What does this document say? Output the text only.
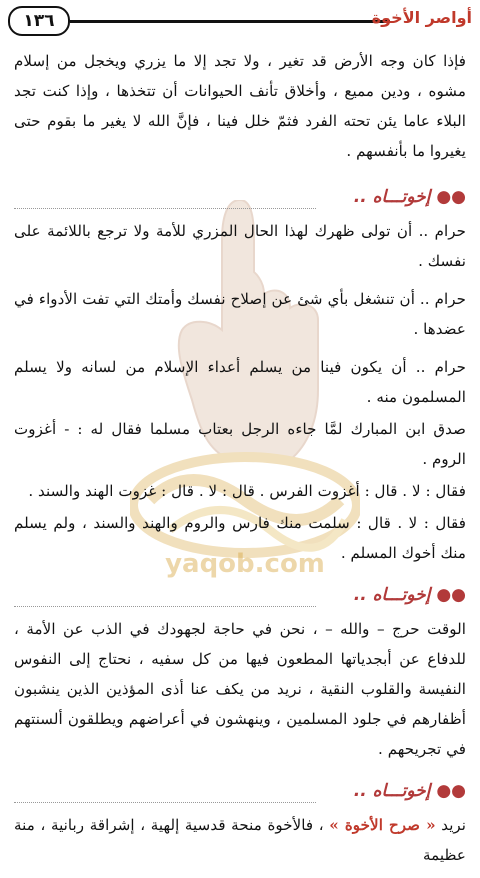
١٣٦	أواصر الأخوة
yaqob.com

فإذا كان وجه الأرض قد تغير ، ولا تجد إلا ما يزري ويخجل من إسلام مشوه ، ودين مميع ، وأخلاق تأنف الحيوانات أن تتخذها ، وإذا كنت تجد البلاء عاما يئن تحته الفرد فثمّ خلل فينا ، فإنَّ الله لا يغير ما بقوم حتى يغيروا ما بأنفسهم .

●● إخوتـــاه ..

حرام .. أن تولى ظهرك لهذا الحال المزري للأمة ولا ترجع باللائمة على نفسك .

حرام .. أن تنشغل بأي شئ عن إصلاح نفسك وأمتك التي تفت الأدواء في عضدها .

حرام .. أن يكون فينا من يسلم أعداء الإسلام من لسانه ولا يسلم المسلمون منه .

صدق ابن المبارك لمَّا جاءه الرجل بعتاب مسلما فقال له : - أغزوت الروم .

فقال : لا . قال : أغزوت الفرس . قال : لا . قال : غزوت الهند والسند .

فقال : لا . قال : سلمت منك فارس والروم والهند والسند ، ولم يسلم منك أخوك المسلم .

●● إخوتـــاه ..

الوقت حرج – والله – ، نحن في حاجة لجهودك في الذب عن الأمة ، للدفاع عن أبجدياتها المطعون فيها من كل سفيه ، نحتاج إلى النفوس النفيسة والقلوب النقية ، نريد من يكف عنا أذى المؤذين الذين ينشبون أظفارهم في جلود المسلمين ، وينهشون في أعراضهم ويطلقون ألسنتهم في تجريحهم .

●● إخوتـــاه ..

نريد « صرح الأخوة » ، فالأخوة منحة قدسية إلهية ، إشراقة ربانية ، منة عظيمة
